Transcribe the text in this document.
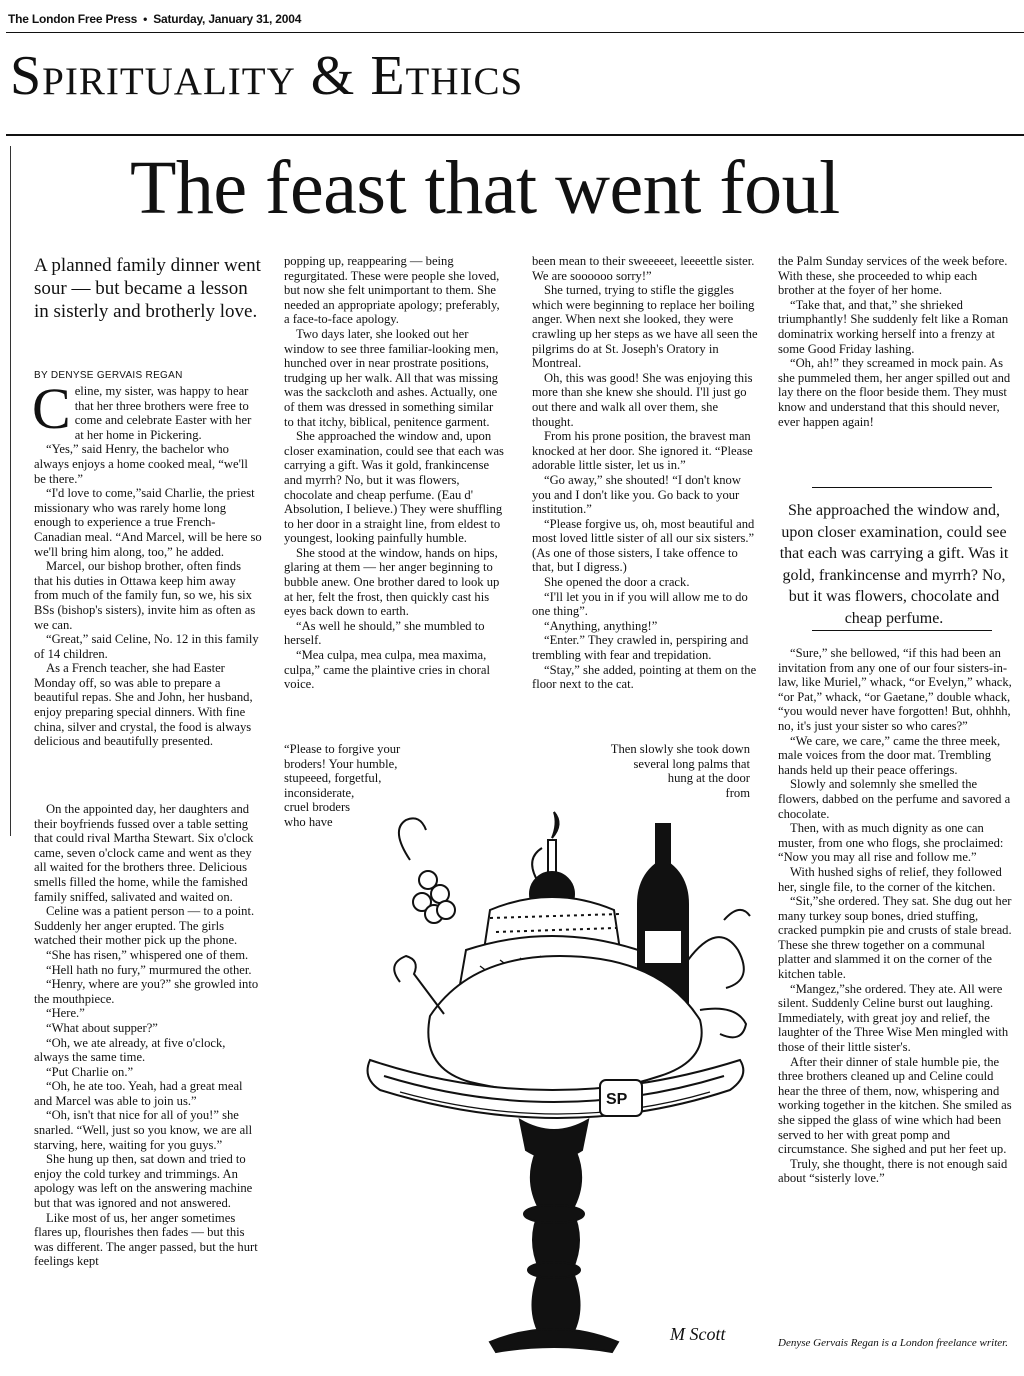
The London Free Press • Saturday, January 31, 2004
Spirituality & Ethics
The feast that went foul
A planned family dinner went sour — but became a lesson in sisterly and brotherly love.
BY DENYSE GERVAIS REGAN

Celine, my sister, was happy to hear that her three brothers were free to come and celebrate Easter with her at her home in Pickering.

“Yes,” said Henry, the bachelor who always enjoys a home cooked meal, “we'll be there.”

“I'd love to come,”said Charlie, the priest missionary who was rarely home long enough to experience a true French-Canadian meal. “And Marcel, will be here so we'll bring him along, too,” he added.

Marcel, our bishop brother, often finds that his duties in Ottawa keep him away from much of the family fun, so we, his six BSs (bishop's sisters), invite him as often as we can.

“Great,” said Celine, No. 12 in this family of 14 children.

As a French teacher, she had Easter Monday off, so was able to prepare a beautiful repas. She and John, her husband, enjoy preparing special dinners. With fine china, silver and crystal, the food is always delicious and beautifully presented.

On the appointed day, her daughters and their boyfriends fussed over a table setting that could rival Martha Stewart. Six o'clock came, seven o'clock came and went as they all waited for the brothers three. Delicious smells filled the home, while the famished family sniffed, salivated and waited on.

Celine was a patient person — to a point. Suddenly her anger erupted. The girls watched their mother pick up the phone.

“She has risen,” whispered one of them.

“Hell hath no fury,” murmured the other.

“Henry, where are you?” she growled into the mouthpiece.

“Here.”

“What about supper?”

“Oh, we ate already, at five o'clock, always the same time.

“Put Charlie on.”

“Oh, he ate too. Yeah, had a great meal and Marcel was able to join us.”

“Oh, isn't that nice for all of you!” she snarled. “Well, just so you know, we are all starving, here, waiting for you guys.”

She hung up then, sat down and tried to enjoy the cold turkey and trimmings. An apology was left on the answering machine but that was ignored and not answered.

Like most of us, her anger sometimes flares up, flourishes then fades — but this was different. The anger passed, but the hurt feelings kept

popping up, reappearing — being regurgitated. These were people she loved, but now she felt unimportant to them. She needed an appropriate apology; preferably, a face-to-face apology.

Two days later, she looked out her window to see three familiar-looking men, hunched over in near prostrate positions, trudging up her walk. All that was missing was the sackcloth and ashes. Actually, one of them was dressed in something similar to that itchy, biblical, penitence garment.

She approached the window and, upon closer examination, could see that each was carrying a gift. Was it gold, frankincense and myrrh? No, but it was flowers, chocolate and cheap perfume. (Eau d' Absolution, I believe.) They were shuffling to her door in a straight line, from eldest to youngest, looking painfully humble.

She stood at the window, hands on hips, glaring at them — her anger beginning to bubble anew. One brother dared to look up at her, felt the frost, then quickly cast his eyes back down to earth.

“As well he should,” she mumbled to herself.

“Mea culpa, mea culpa, mea maxima, culpa,” came the plaintive cries in choral voice.

“Please to forgive your
broders! Your humble,
stupeeed, forgetful,
inconsiderate,
cruel broders
who have

been mean to their sweeeeet, leeeettle sister. We are soooooo sorry!”

She turned, trying to stifle the giggles which were beginning to replace her boiling anger. When next she looked, they were crawling up her steps as we have all seen the pilgrims do at St. Joseph's Oratory in Montreal.

Oh, this was good! She was enjoying this more than she knew she should. I'll just go out there and walk all over them, she thought.

From his prone position, the bravest man knocked at her door. She ignored it. “Please adorable little sister, let us in.”

“Go away,” she shouted! “I don't know you and I don't like you. Go back to your institution.”

“Please forgive us, oh, most beautiful and most loved little sister of all our six sisters.” (As one of those sisters, I take offence to that, but I digress.)

She opened the door a crack.

“I'll let you in if you will allow me to do one thing”.

“Anything, anything!”

“Enter.” They crawled in, perspiring and trembling with fear and trepidation.

“Stay,” she added, pointing at them on the floor next to the cat.

Then slowly she took down
several long palms that
hung at the door
from

the Palm Sunday services of the week before. With these, she proceeded to whip each brother at the foyer of her home.

“Take that, and that,” she shrieked triumphantly! She suddenly felt like a Roman dominatrix working herself into a frenzy at some Good Friday lashing.

“Oh, ah!” they screamed in mock pain. As she pummeled them, her anger spilled out and lay there on the floor beside them. They must know and understand that this should never, ever happen again!

She approached the window and, upon closer examination, could see that each was carrying a gift. Was it gold, frankincense and myrrh? No, but it was flowers, chocolate and cheap perfume.

“Sure,” she bellowed, “if this had been an invitation from any one of our four sisters-in-law, like Muriel,” whack, “or Evelyn,” whack, “or Pat,” whack, “or Gaetane,” double whack, “you would never have forgotten! But, ohhhh, no, it's just your sister so who cares?”

“We care, we care,” came the three meek, male voices from the door mat. Trembling hands held up their peace offerings.

Slowly and solemnly she smelled the flowers, dabbed on the perfume and savored a chocolate.

Then, with as much dignity as one can muster, from one who flogs, she proclaimed: “Now you may all rise and follow me.”

With hushed sighs of relief, they followed her, single file, to the corner of the kitchen.

“Sit,”she ordered. They sat. She dug out her many turkey soup bones, dried stuffing, cracked pumpkin pie and crusts of stale bread. These she threw together on a communal platter and slammed it on the corner of the kitchen table.

“Mangez,”she ordered. They ate. All were silent. Suddenly Celine burst out laughing. Immediately, with great joy and relief, the laughter of the Three Wise Men mingled with those of their little sister's.

After their dinner of stale humble pie, the three brothers cleaned up and Celine could hear the three of them, now, whispering and working together in the kitchen. She smiled as she sipped the glass of wine which had been served to her with great pomp and circumstance. She sighed and put her feet up.

Truly, she thought, there is not enough said about “sisterly love.”

SP
M Scott	Denyse Gervais Regan is a London freelance writer.
